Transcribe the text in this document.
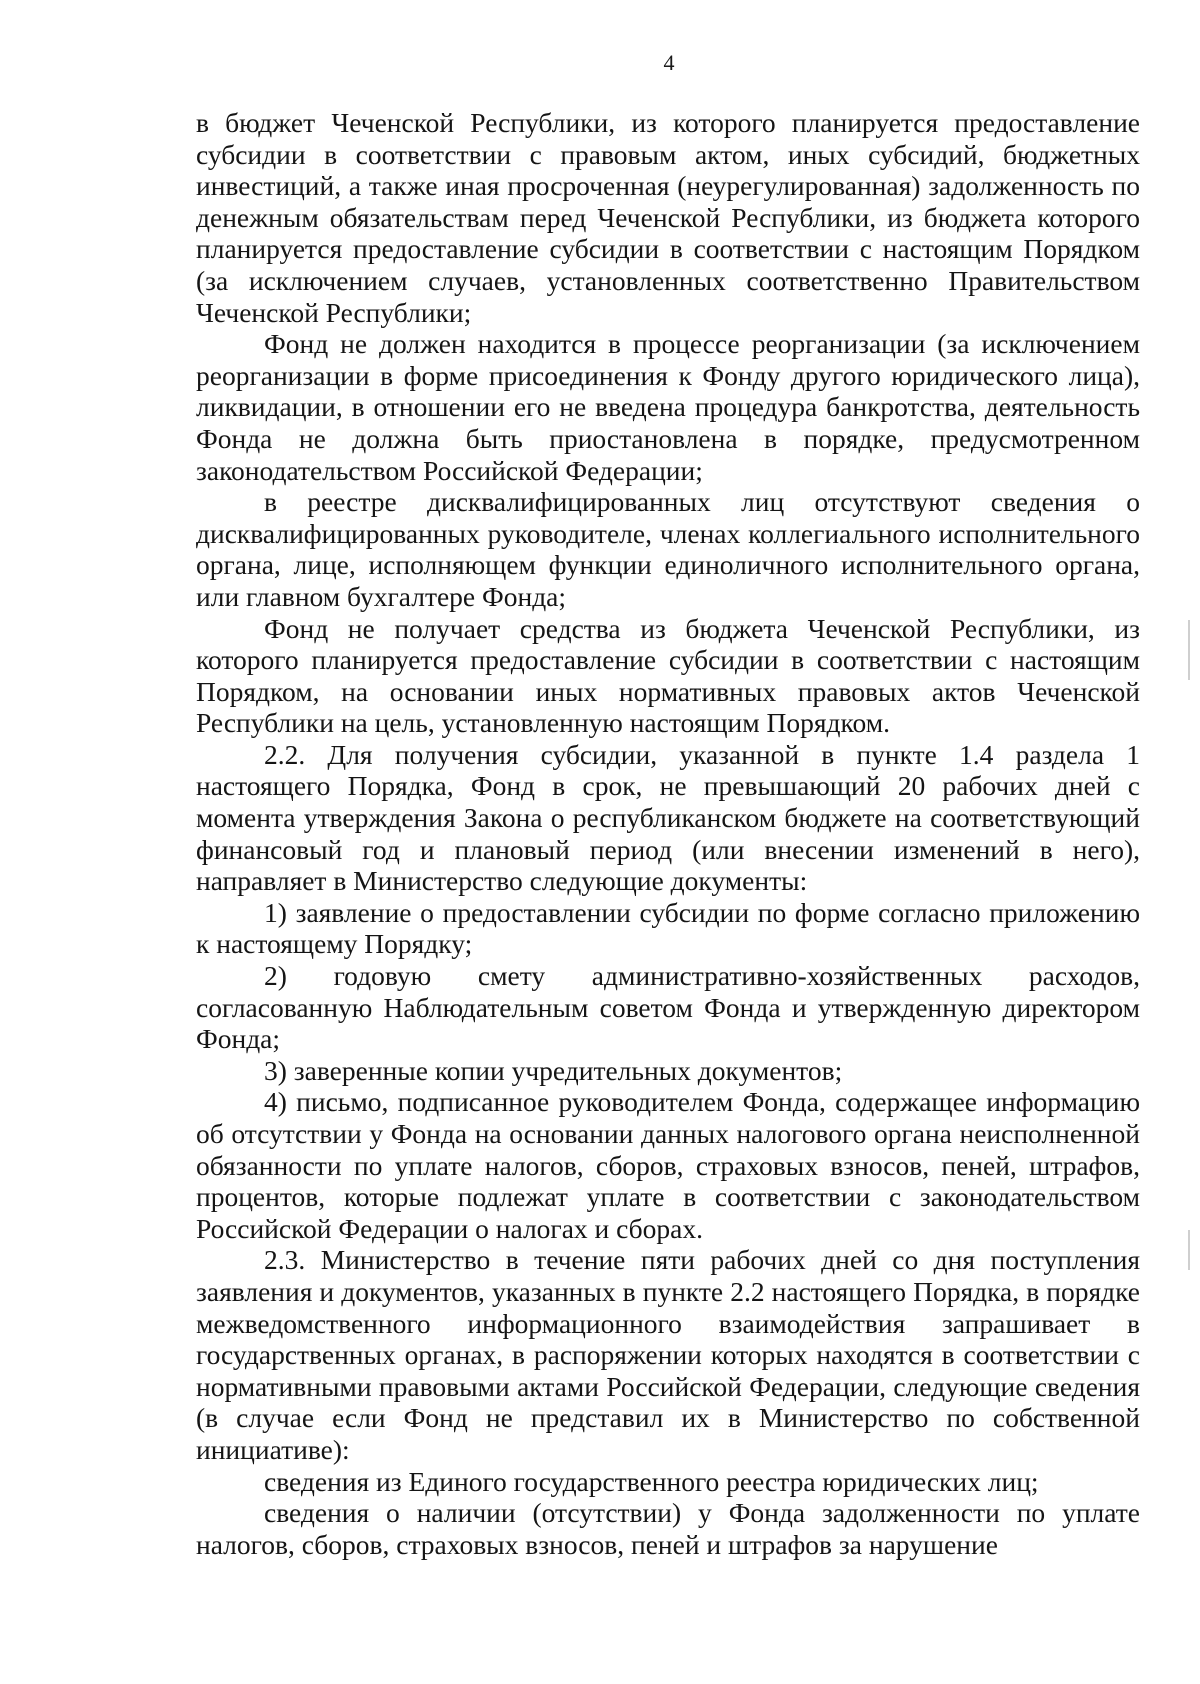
4

в бюджет Чеченской Республики, из которого планируется предоставление субсидии в соответствии с правовым актом, иных субсидий, бюджетных инвестиций, а также иная просроченная (неурегулированная) задолженность по денежным обязательствам перед Чеченской Республики, из бюджета которого планируется предоставление субсидии в соответствии с настоящим Порядком (за исключением случаев, установленных соответственно Правительством Чеченской Республики;

Фонд не должен находится в процессе реорганизации (за исключением реорганизации в форме присоединения к Фонду другого юридического лица), ликвидации, в отношении его не введена процедура банкротства, деятельность Фонда не должна быть приостановлена в порядке, предусмотренном законодательством Российской Федерации;

в реестре дисквалифицированных лиц отсутствуют сведения о дисквалифицированных руководителе, членах коллегиального исполнительного органа, лице, исполняющем функции единоличного исполнительного органа, или главном бухгалтере Фонда;

Фонд не получает средства из бюджета Чеченской Республики, из которого планируется предоставление субсидии в соответствии с настоящим Порядком, на основании иных нормативных правовых актов Чеченской Республики на цель, установленную настоящим Порядком.

2.2. Для получения субсидии, указанной в пункте 1.4 раздела 1 настоящего Порядка, Фонд в срок, не превышающий 20 рабочих дней с момента утверждения Закона о республиканском бюджете на соответствующий финансовый год и плановый период (или внесении изменений в него), направляет в Министерство следующие документы:

1) заявление о предоставлении субсидии по форме согласно приложению к настоящему Порядку;

2) годовую смету административно-хозяйственных расходов, согласованную Наблюдательным советом Фонда и утвержденную директором Фонда;

3) заверенные копии учредительных документов;

4) письмо, подписанное руководителем Фонда, содержащее информацию об отсутствии у Фонда на основании данных налогового органа неисполненной обязанности по уплате налогов, сборов, страховых взносов, пеней, штрафов, процентов, которые подлежат уплате в соответствии с законодательством Российской Федерации о налогах и сборах.

2.3. Министерство в течение пяти рабочих дней со дня поступления заявления и документов, указанных в пункте 2.2 настоящего Порядка, в порядке межведомственного информационного взаимодействия запрашивает в государственных органах, в распоряжении которых находятся в соответствии с нормативными правовыми актами Российской Федерации, следующие сведения (в случае если Фонд не представил их в Министерство по собственной инициативе):

сведения из Единого государственного реестра юридических лиц;

сведения о наличии (отсутствии) у Фонда задолженности по уплате налогов, сборов, страховых взносов, пеней и штрафов за нарушение
